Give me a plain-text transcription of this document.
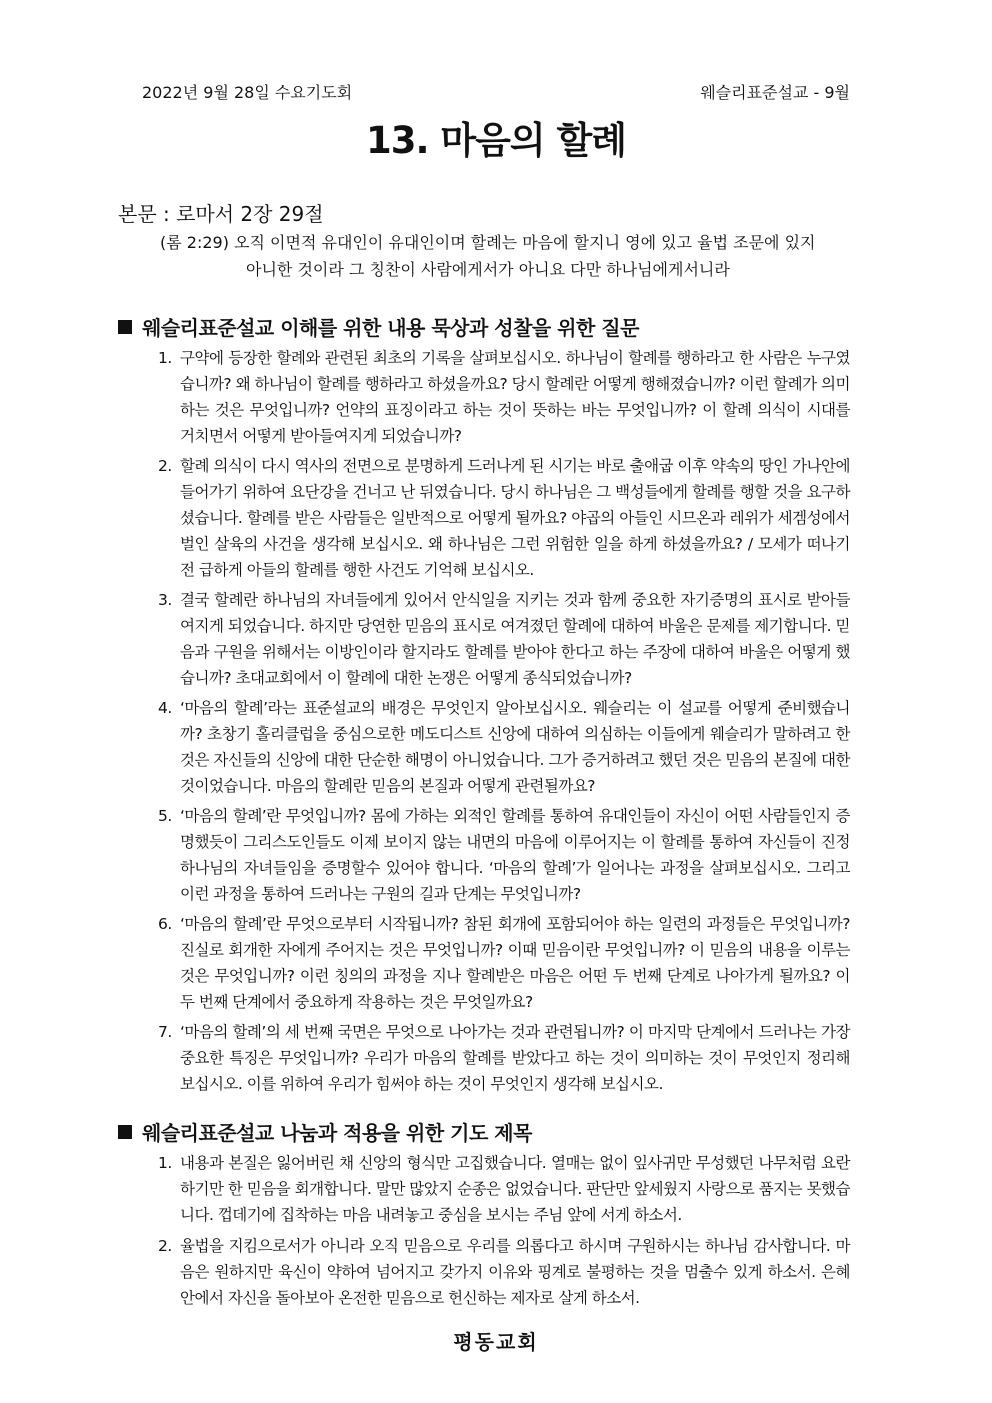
2022년 9월 28일 수요기도회	웨슬리표준설교 - 9월
13. 마음의 할례
본문 : 로마서 2장 29절
(롬 2:29) 오직 이면적 유대인이 유대인이며 할례는 마음에 할지니 영에 있고 율법 조문에 있지
아니한 것이라 그 칭찬이 사람에게서가 아니요 다만 하나님에게서니라
웨슬리표준설교 이해를 위한 내용 묵상과 성찰을 위한 질문
1. 구약에 등장한 할례와 관련된 최초의 기록을 살펴보십시오. 하나님이 할례를 행하라고 한 사람은 누구였습니까? 왜 하나님이 할례를 행하라고 하셨을까요? 당시 할례란 어떻게 행해졌습니까? 이런 할례가 의미하는 것은 무엇입니까? 언약의 표징이라고 하는 것이 뜻하는 바는 무엇입니까? 이 할례 의식이 시대를 거치면서 어떻게 받아들여지게 되었습니까?
2. 할례 의식이 다시 역사의 전면으로 분명하게 드러나게 된 시기는 바로 출애굽 이후 약속의 땅인 가나안에 들어가기 위하여 요단강을 건너고 난 뒤였습니다. 당시 하나님은 그 백성들에게 할례를 행할 것을 요구하셨습니다. 할례를 받은 사람들은 일반적으로 어떻게 될까요? 야곱의 아들인 시므온과 레위가 세겜성에서 벌인 살육의 사건을 생각해 보십시오. 왜 하나님은 그런 위험한 일을 하게 하셨을까요? / 모세가 떠나기 전 급하게 아들의 할례를 행한 사건도 기억해 보십시오.
3. 결국 할례란 하나님의 자녀들에게 있어서 안식일을 지키는 것과 함께 중요한 자기증명의 표시로 받아들여지게 되었습니다. 하지만 당연한 믿음의 표시로 여겨졌던 할례에 대하여 바울은 문제를 제기합니다. 믿음과 구원을 위해서는 이방인이라 할지라도 할례를 받아야 한다고 하는 주장에 대하여 바울은 어떻게 했습니까? 초대교회에서 이 할례에 대한 논쟁은 어떻게 종식되었습니까?
4. ‘마음의 할례’라는 표준설교의 배경은 무엇인지 알아보십시오. 웨슬리는 이 설교를 어떻게 준비했습니까? 초창기 홀리클럽을 중심으로한 메도디스트 신앙에 대하여 의심하는 이들에게 웨슬리가 말하려고 한 것은 자신들의 신앙에 대한 단순한 해명이 아니었습니다. 그가 증거하려고 했던 것은 믿음의 본질에 대한 것이었습니다. 마음의 할례란 믿음의 본질과 어떻게 관련될까요?
5. ‘마음의 할례’란 무엇입니까? 몸에 가하는 외적인 할례를 통하여 유대인들이 자신이 어떤 사람들인지 증명했듯이 그리스도인들도 이제 보이지 않는 내면의 마음에 이루어지는 이 할례를 통하여 자신들이 진정 하나님의 자녀들임을 증명할수 있어야 합니다. ‘마음의 할례’가 일어나는 과정을 살펴보십시오. 그리고 이런 과정을 통하여 드러나는 구원의 길과 단계는 무엇입니까?
6. ‘마음의 할례’란 무엇으로부터 시작됩니까? 참된 회개에 포함되어야 하는 일련의 과정들은 무엇입니까? 진실로 회개한 자에게 주어지는 것은 무엇입니까? 이때 믿음이란 무엇입니까? 이 믿음의 내용을 이루는 것은 무엇입니까? 이런 칭의의 과정을 지나 할례받은 마음은 어떤 두 번째 단계로 나아가게 될까요? 이 두 번째 단계에서 중요하게 작용하는 것은 무엇일까요?
7. ‘마음의 할례’의 세 번째 국면은 무엇으로 나아가는 것과 관련됩니까? 이 마지막 단계에서 드러나는 가장 중요한 특징은 무엇입니까? 우리가 마음의 할례를 받았다고 하는 것이 의미하는 것이 무엇인지 정리해 보십시오. 이를 위하여 우리가 힘써야 하는 것이 무엇인지 생각해 보십시오.
웨슬리표준설교 나눔과 적용을 위한 기도 제목
1. 내용과 본질은 잃어버린 채 신앙의 형식만 고집했습니다. 열매는 없이 잎사귀만 무성했던 나무처럼 요란하기만 한 믿음을 회개합니다. 말만 많았지 순종은 없었습니다. 판단만 앞세웠지 사랑으로 품지는 못했습니다. 껍데기에 집착하는 마음 내려놓고 중심을 보시는 주님 앞에 서게 하소서.
2. 율법을 지킴으로서가 아니라 오직 믿음으로 우리를 의롭다고 하시며 구원하시는 하나님 감사합니다. 마음은 원하지만 육신이 약하여 넘어지고 갖가지 이유와 핑계로 불평하는 것을 멈출수 있게 하소서. 은혜 안에서 자신을 돌아보아 온전한 믿음으로 헌신하는 제자로 살게 하소서.
평동교회
